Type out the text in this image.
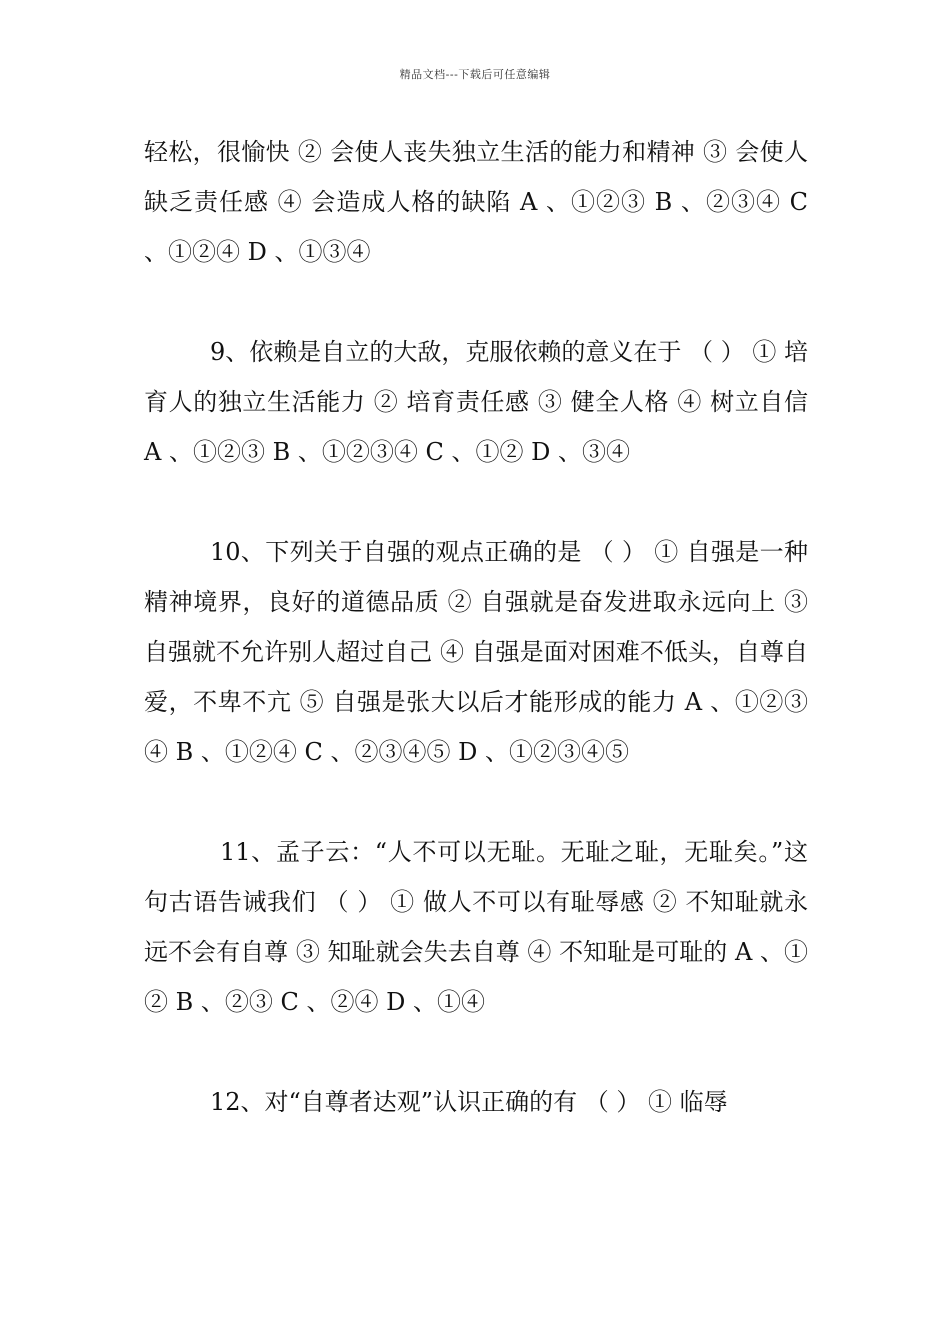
精品文档---下载后可任意编辑

轻松，很愉快 ② 会使人丧失独立生活的能力和精神 ③ 会使人缺乏责任感 ④ 会造成人格的缺陷 A 、①②③ B 、②③④ C 、①②④ D 、①③④

9、依赖是自立的大敌，克服依赖的意义在于 （ ） ① 培育人的独立生活能力 ② 培育责任感 ③ 健全人格 ④ 树立自信 A 、①②③ B 、①②③④ C 、①② D 、③④

10、下列关于自强的观点正确的是 （ ） ① 自强是一种精神境界，良好的道德品质 ② 自强就是奋发进取永远向上 ③ 自强就不允许别人超过自己 ④ 自强是面对困难不低头，自尊自爱，不卑不亢 ⑤ 自强是张大以后才能形成的能力 A 、①②③④ B 、①②④ C 、②③④⑤ D 、①②③④⑤

11、孟子云：“人不可以无耻。无耻之耻，无耻矣。”这句古语告诫我们 （ ） ① 做人不可以有耻辱感 ② 不知耻就永远不会有自尊 ③ 知耻就会失去自尊 ④ 不知耻是可耻的 A 、①② B 、②③ C 、②④ D 、①④

12、对“自尊者达观”认识正确的有 （ ） ① 临辱
